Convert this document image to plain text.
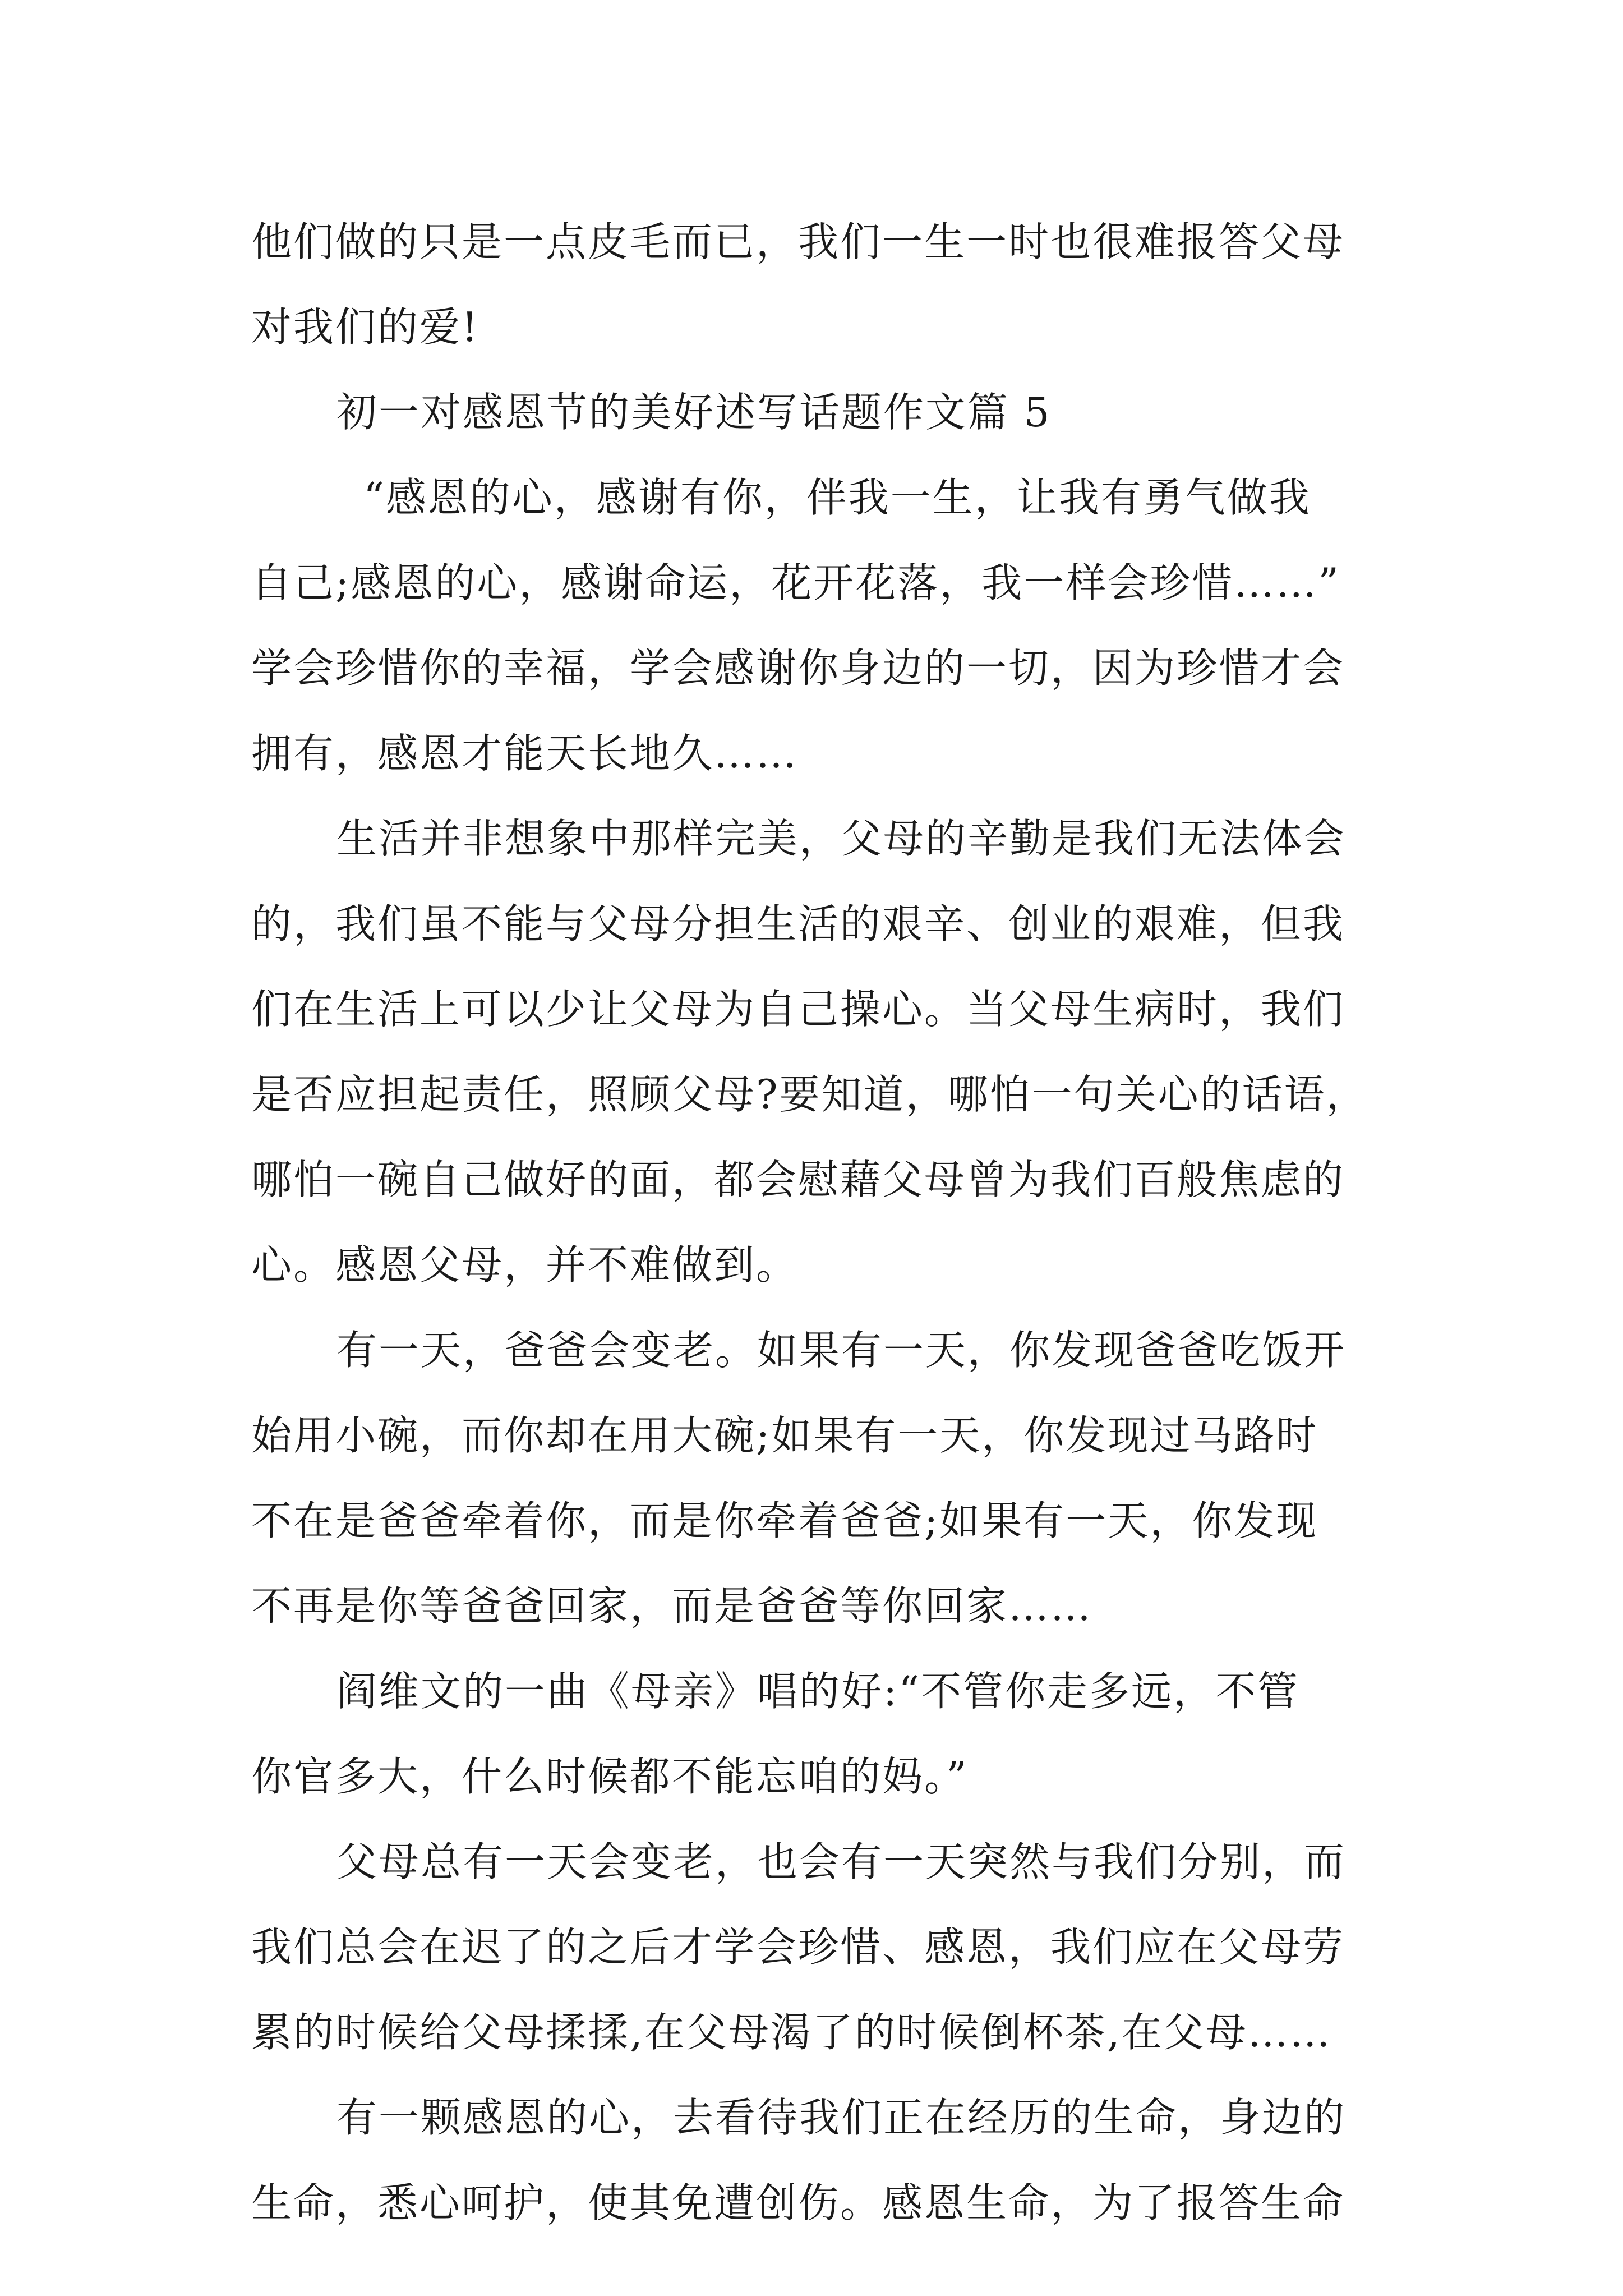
他们做的只是一点皮毛而已，我们一生一时也很难报答父母
对我们的爱!
初一对感恩节的美好述写话题作文篇 5
“感恩的心，感谢有你，伴我一生，让我有勇气做我
自己;感恩的心，感谢命运，花开花落，我一样会珍惜……”
学会珍惜你的幸福，学会感谢你身边的一切，因为珍惜才会
拥有，感恩才能天长地久……
生活并非想象中那样完美，父母的辛勤是我们无法体会
的，我们虽不能与父母分担生活的艰辛、创业的艰难，但我
们在生活上可以少让父母为自己操心。当父母生病时，我们
是否应担起责任，照顾父母?要知道，哪怕一句关心的话语，
哪怕一碗自己做好的面，都会慰藉父母曾为我们百般焦虑的
心。感恩父母，并不难做到。
有一天，爸爸会变老。如果有一天，你发现爸爸吃饭开
始用小碗，而你却在用大碗;如果有一天，你发现过马路时
不在是爸爸牵着你，而是你牵着爸爸;如果有一天，你发现
不再是你等爸爸回家，而是爸爸等你回家……
阎维文的一曲《母亲》唱的好:“不管你走多远，不管
你官多大，什么时候都不能忘咱的妈。”
父母总有一天会变老，也会有一天突然与我们分别，而
我们总会在迟了的之后才学会珍惜、感恩，我们应在父母劳
累的时候给父母揉揉,在父母渴了的时候倒杯茶,在父母……
有一颗感恩的心，去看待我们正在经历的生命，身边的
生命，悉心呵护，使其免遭创伤。感恩生命，为了报答生命
